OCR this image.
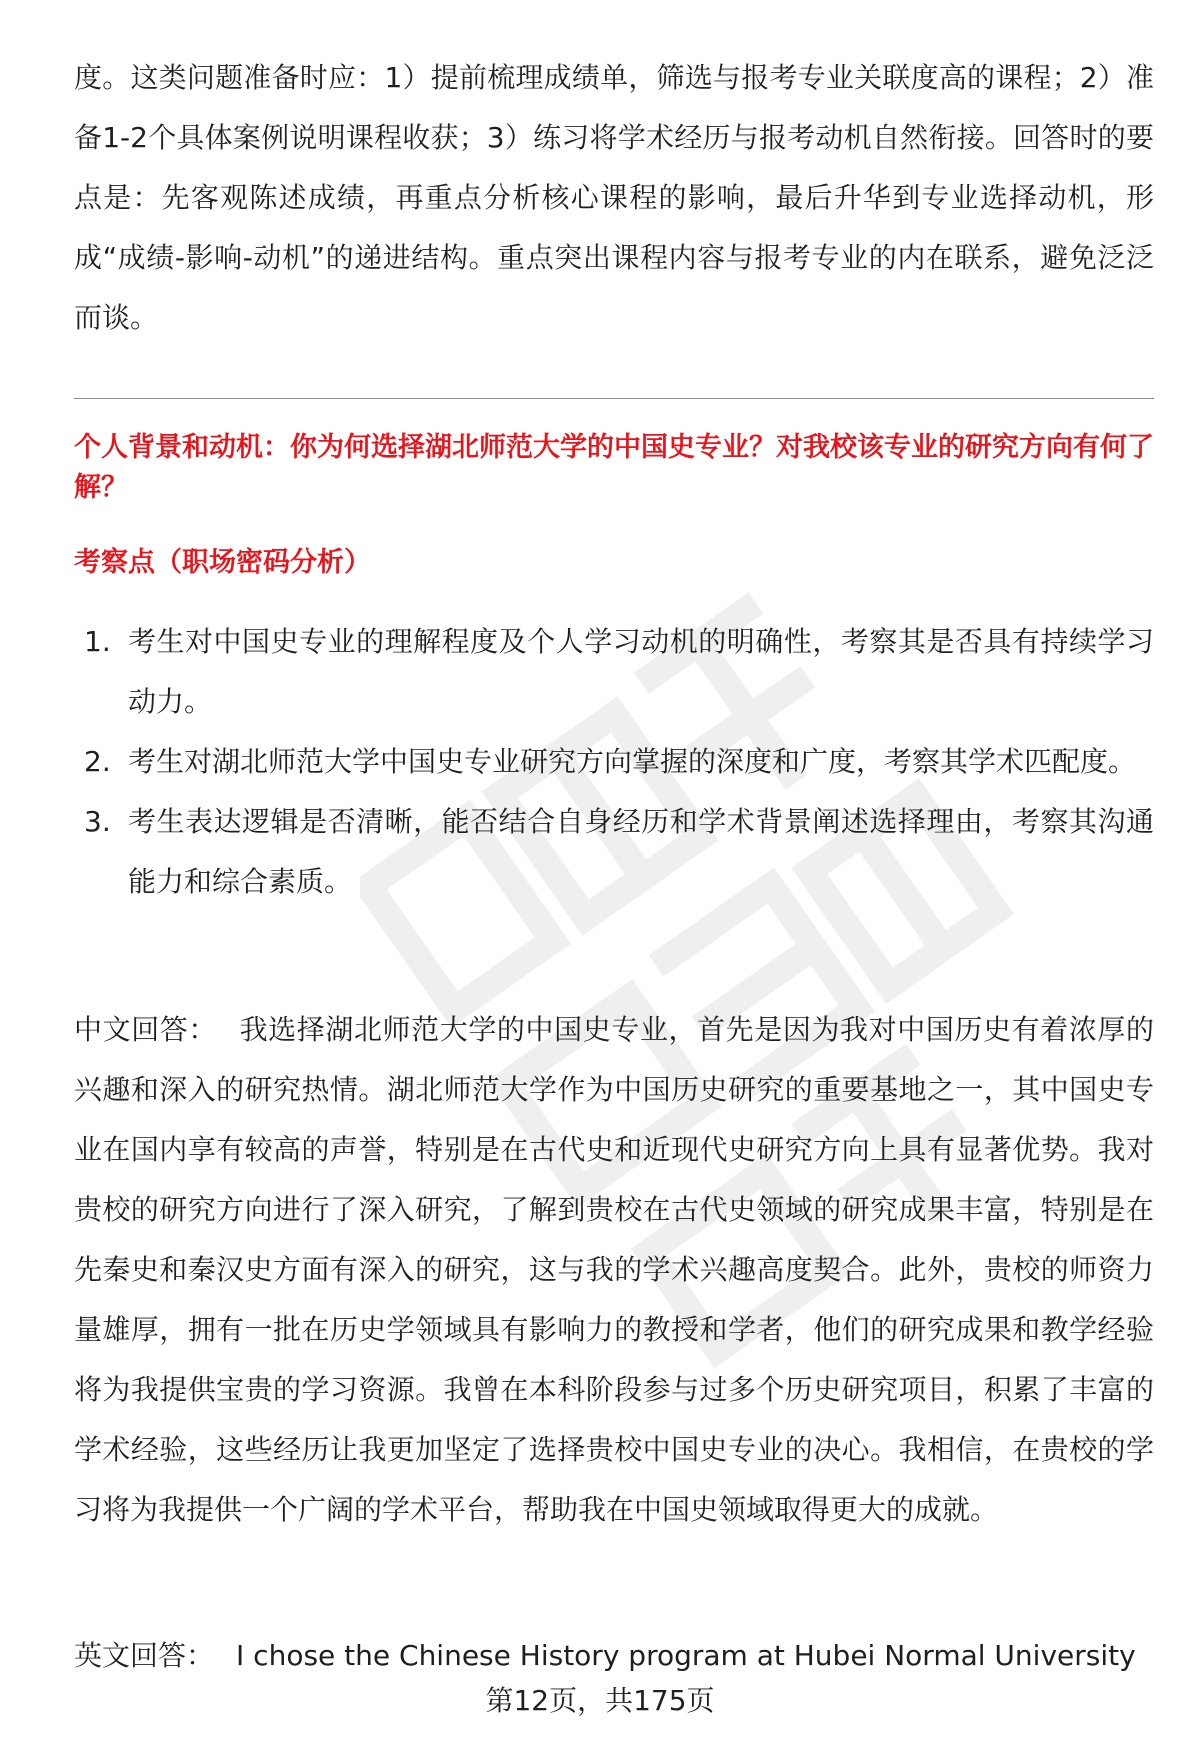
度。这类问题准备时应：1）提前梳理成绩单，筛选与报考专业关联度高的课程；2）准备1-2个具体案例说明课程收获；3）练习将学术经历与报考动机自然衔接。回答时的要点是：先客观陈述成绩，再重点分析核心课程的影响，最后升华到专业选择动机，形成“成绩-影响-动机”的递进结构。重点突出课程内容与报考专业的内在联系，避免泛泛而谈。

个人背景和动机：你为何选择湖北师范大学的中国史专业？对我校该专业的研究方向有何了解？

考察点（职场密码分析）

1. 考生对中国史专业的理解程度及个人学习动机的明确性，考察其是否具有持续学习动力。
2. 考生对湖北师范大学中国史专业研究方向掌握的深度和广度，考察其学术匹配度。
3. 考生表达逻辑是否清晰，能否结合自身经历和学术背景阐述选择理由，考察其沟通能力和综合素质。

中文回答： 我选择湖北师范大学的中国史专业，首先是因为我对中国历史有着浓厚的兴趣和深入的研究热情。湖北师范大学作为中国历史研究的重要基地之一，其中国史专业在国内享有较高的声誉，特别是在古代史和近现代史研究方向上具有显著优势。我对贵校的研究方向进行了深入研究，了解到贵校在古代史领域的研究成果丰富，特别是在先秦史和秦汉史方面有深入的研究，这与我的学术兴趣高度契合。此外，贵校的师资力量雄厚，拥有一批在历史学领域具有影响力的教授和学者，他们的研究成果和教学经验将为我提供宝贵的学习资源。我曾在本科阶段参与过多个历史研究项目，积累了丰富的学术经验，这些经历让我更加坚定了选择贵校中国史专业的决心。我相信，在贵校的学习将为我提供一个广阔的学术平台，帮助我在中国史领域取得更大的成就。

英文回答： I chose the Chinese History program at Hubei Normal University
第12页，共175页
